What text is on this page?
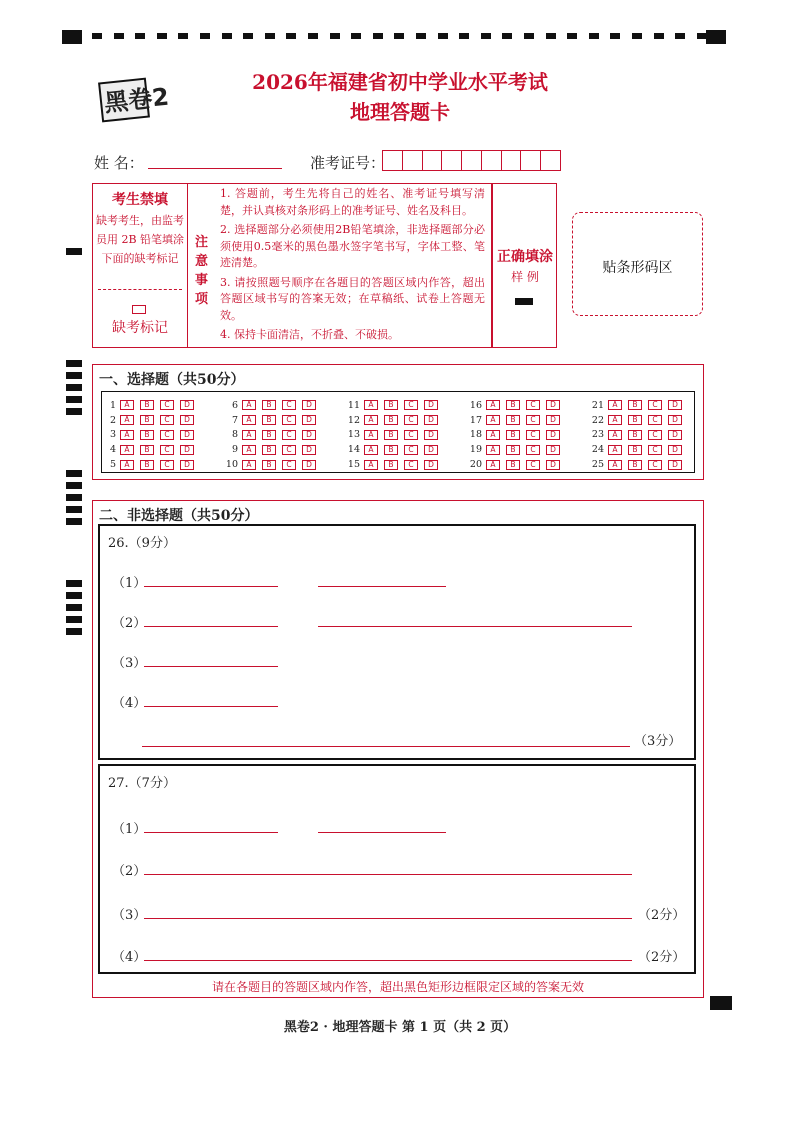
黑卷2
2026年福建省初中学业水平考试
地理答题卡
姓 名：	准考证号：
考生禁填
缺考考生，由监考员用 2B 铅笔填涂下面的缺考标记
缺考标记
注意事项
1. 答题前，考生先将自己的姓名、准考证号填写清楚，并认真核对条形码上的准考证号、姓名及科目。
2. 选择题部分必须使用2B铅笔填涂，非选择题部分必须使用0.5毫米的黑色墨水签字笔书写，字体工整、笔迹清楚。
3. 请按照题号顺序在各题目的答题区域内作答，超出答题区域书写的答案无效；在草稿纸、试卷上答题无效。
4. 保持卡面清洁，不折叠、不破损。
正确填涂
样 例
贴条形码区
一、选择题（共50分）
1	A	B	C	D
2	A	B	C	D
3	A	B	C	D
4	A	B	C	D
5	A	B	C	D
6	A	B	C	D
7	A	B	C	D
8	A	B	C	D
9	A	B	C	D
10	A	B	C	D
11	A	B	C	D
12	A	B	C	D
13	A	B	C	D
14	A	B	C	D
15	A	B	C	D
16	A	B	C	D
17	A	B	C	D
18	A	B	C	D
19	A	B	C	D
20	A	B	C	D
21	A	B	C	D
22	A	B	C	D
23	A	B	C	D
24	A	B	C	D
25	A	B	C	D
二、非选择题（共50分）
26.（9分）
（1）
（2）
（3）
（4）
（3分）
27.（7分）
（1）
（2）
（3）	（2分）
（4）	（2分）
请在各题目的答题区域内作答，超出黑色矩形边框限定区域的答案无效
黑卷2 · 地理答题卡 第 1 页（共 2 页）
